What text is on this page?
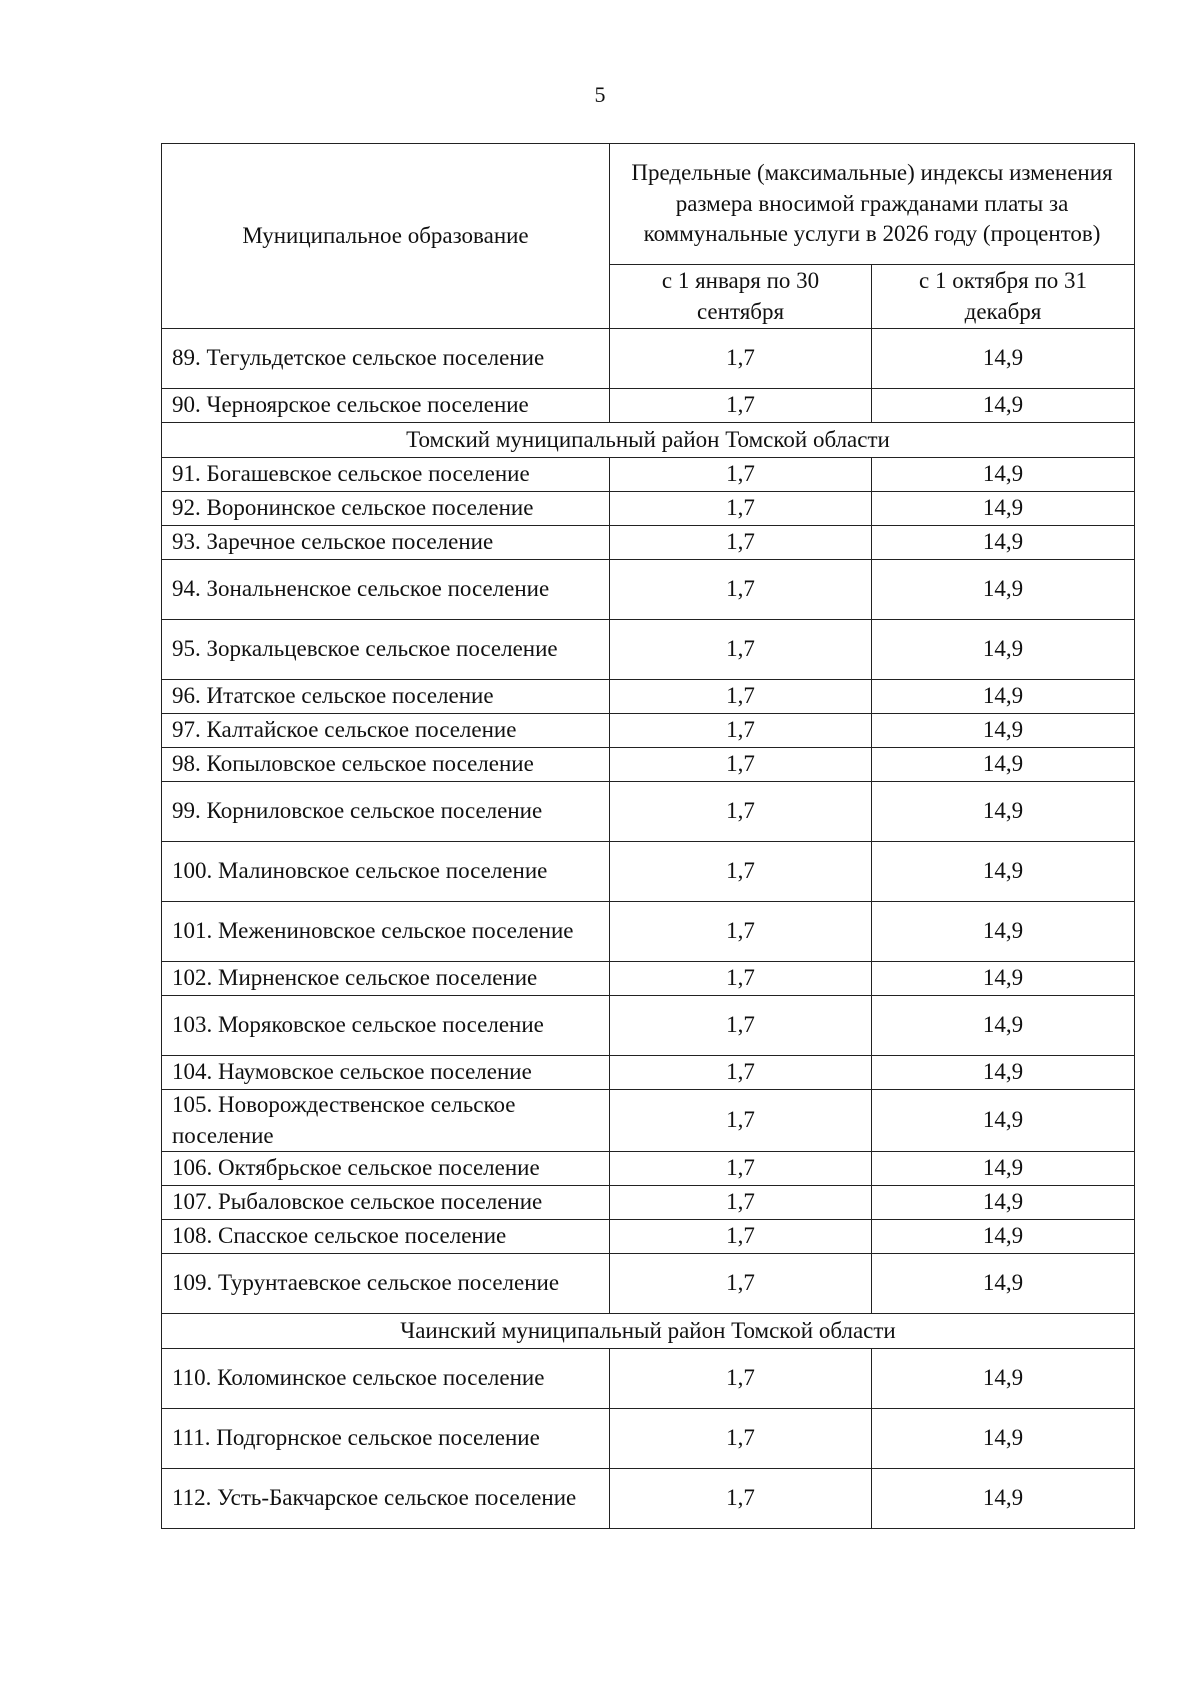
5
Муниципальное образование	Предельные (максимальные) индексы изменения размера вносимой гражданами платы за коммунальные услуги в 2026 году (процентов)	
	с 1 января по 30 сентября	с 1 октября по 31 декабря
89. Тегульдетское сельское поселение	1,7	14,9
90. Черноярское сельское поселение	1,7	14,9
Томский муниципальный район Томской области		
91. Богашевское сельское поселение	1,7	14,9
92. Воронинское сельское поселение	1,7	14,9
93. Заречное сельское поселение	1,7	14,9
94. Зональненское сельское поселение	1,7	14,9
95. Зоркальцевское сельское поселение	1,7	14,9
96. Итатское сельское поселение	1,7	14,9
97. Калтайское сельское поселение	1,7	14,9
98. Копыловское сельское поселение	1,7	14,9
99. Корниловское сельское поселение	1,7	14,9
100. Малиновское сельское поселение	1,7	14,9
101. Межениновское сельское поселение	1,7	14,9
102. Мирненское сельское поселение	1,7	14,9
103. Моряковское сельское поселение	1,7	14,9
104. Наумовское сельское поселение	1,7	14,9
105. Новорождественское сельское поселение	1,7	14,9
106. Октябрьское сельское поселение	1,7	14,9
107. Рыбаловское сельское поселение	1,7	14,9
108. Спасское сельское поселение	1,7	14,9
109. Турунтаевское сельское поселение	1,7	14,9
Чаинский муниципальный район Томской области		
110. Коломинское сельское поселение	1,7	14,9
111. Подгорнское сельское поселение	1,7	14,9
112. Усть-Бакчарское сельское поселение	1,7	14,9
